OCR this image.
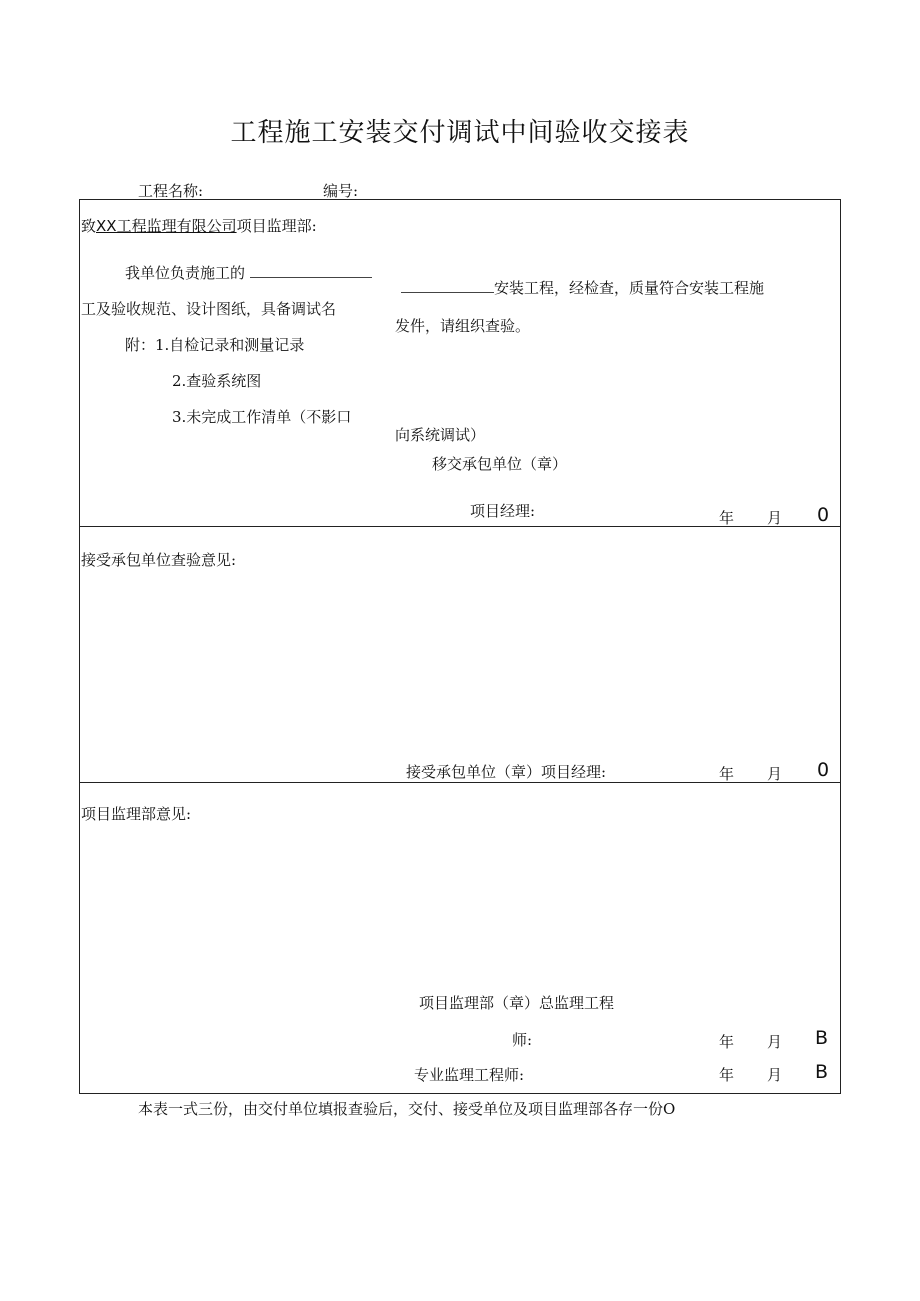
工程施工安装交付调试中间验收交接表
工程名称:	编号:
致XX工程监理有限公司项目监理部:
我单位负责施工的
安装工程，经检查，质量符合安装工程施
工及验收规范、设计图纸，具备调试名
发件，请组织查验。
附：1.自检记录和测量记录
2.查验系统图
3.未完成工作清单（不影口
向系统调试）
移交承包单位（章）
项目经理:	年 月 0
接受承包单位查验意见:
接受承包单位（章）项目经理:	年 月 0
项目监理部意见:
项目监理部（章）总监理工程
师:	年 月 B
专业监理工程师:	年 月 B
本表一式三份，由交付单位填报查验后，交付、接受单位及项目监理部各存一份O
